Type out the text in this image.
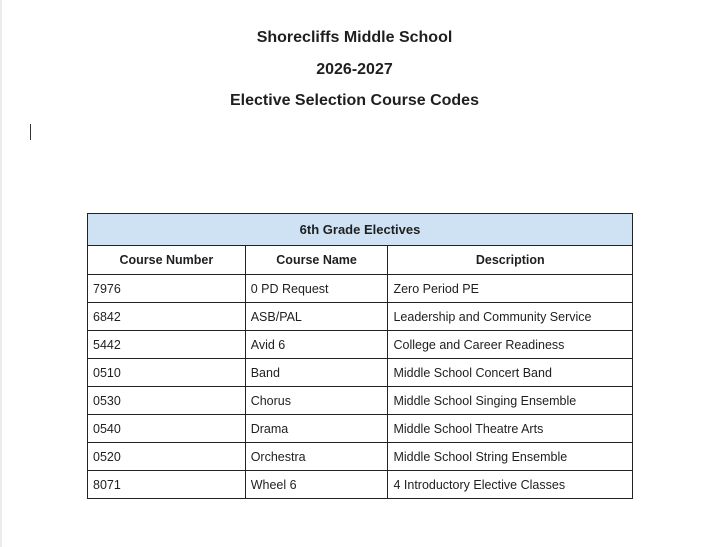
Shorecliffs Middle School
2026-2027
Elective Selection Course Codes
6th Grade Electives		
Course Number	Course Name	Description
7976	0 PD Request	Zero Period PE
6842	ASB/PAL	Leadership and Community Service
5442	Avid 6	College and Career Readiness
0510	Band	Middle School Concert Band
0530	Chorus	Middle School Singing Ensemble
0540	Drama	Middle School Theatre Arts
0520	Orchestra	Middle School String Ensemble
8071	Wheel 6	4 Introductory Elective Classes
